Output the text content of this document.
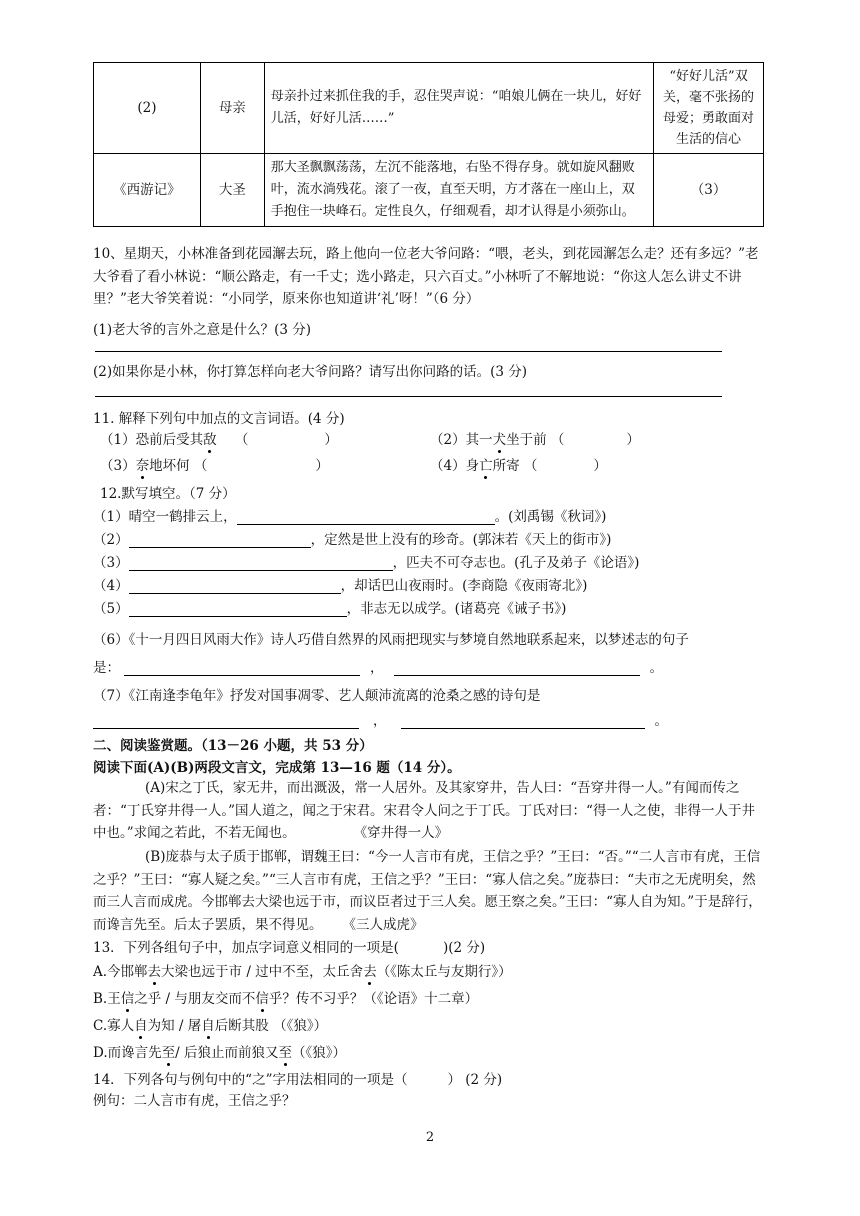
(2)	母亲	母亲扑过来抓住我的手，忍住哭声说：“咱娘儿俩在一块儿，好好儿活，好好儿活……”	“好好儿活”双关，毫不张扬的母爱；勇敢面对生活的信心
《西游记》	大圣	那大圣飘飘荡荡，左沉不能落地，右坠不得存身。就如旋风翻败叶，流水淌残花。滚了一夜，直至天明，方才落在一座山上，双手抱住一块峰石。定性良久，仔细观看，却才认得是小须弥山。	（3）
10、星期天，小林准备到花园澥去玩，路上他向一位老大爷问路：“喂，老头，到花园澥怎么走？还有多远？”老大爷看了看小林说：“顺公路走，有一千丈；选小路走，只六百丈。”小林听了不解地说：“你这人怎么讲丈不讲里？”老大爷笑着说：“小同学，原来你也知道讲‘礼’呀！”（6 分）
(1)老大爷的言外之意是什么？(3 分)
(2)如果你是小林，你打算怎样向老大爷问路？请写出你问路的话。(3 分)
11. 解释下列句中加点的文言词语。(4 分)
（1）恐前后受其敌 （	）	（2）其一犬坐于前 （	）
（3）奈地坏何 （	）	（4）身亡所寄 （	）
12.默写填空。（7 分）
（1）晴空一鹤排云上，	。(刘禹锡《秋词》)
（2）	，定然是世上没有的珍奇。(郭沫若《天上的街市》)
（3）	，匹夫不可夺志也。(孔子及弟子《论语》)
（4）	，却话巴山夜雨时。(李商隐《夜雨寄北》)
（5）	，非志无以成学。(诸葛亮《诫子书》)
（6）《十一月四日风雨大作》诗人巧借自然界的风雨把现实与梦境自然地联系起来，以梦述志的句子
是：	，	。
（7）《江南逢李龟年》抒发对国事凋零、艺人颠沛流离的沧桑之感的诗句是
，	。
二、阅读鉴赏题。（13－26 小题，共 53 分）
阅读下面(A)(B)两段文言文，完成第 13—16 题（14 分）。
(A)宋之丁氏，家无井，而出溉汲，常一人居外。及其家穿井，告人曰：“吾穿井得一人。”有闻而传之者：“丁氏穿井得一人。”国人道之，闻之于宋君。宋君令人问之于丁氏。丁氏对曰：“得一人之使，非得一人于井中也。”求闻之若此，不若无闻也。	《穿井得一人》
(B)庞恭与太子质于邯郸，谓魏王曰：“今一人言市有虎，王信之乎？”王曰：“否。”“二人言市有虎，王信之乎？”王曰：“寡人疑之矣。”“三人言市有虎，王信之乎？”王曰：“寡人信之矣。”庞恭曰：“夫市之无虎明矣，然而三人言而成虎。今邯郸去大梁也远于市，而议臣者过于三人矣。愿王察之矣。”王曰：“寡人自为知。”于是辞行，而谗言先至。后太子罢质，果不得见。 《三人成虎》
13．下列各组句子中，加点字词意义相同的一项是(	)(2 分)
A.今邯郸去大梁也远于市 / 过中不至，太丘舍去（《陈太丘与友期行》）
B.王信之乎 / 与朋友交而不信乎？传不习乎？（《论语》十二章）
C.寡人自为知 / 屠自后断其股 （《狼》）
D.而谗言先至/ 后狼止而前狼又至（《狼》）
14．下列各句与例句中的“之”字用法相同的一项是（	） (2 分)
例句：二人言市有虎，王信之乎？
2
